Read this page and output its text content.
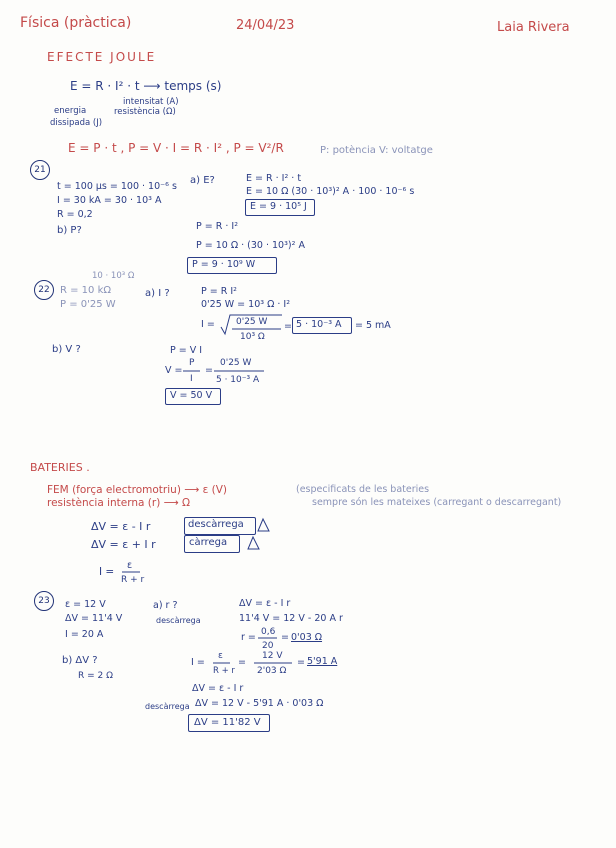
Física (pràctica)	24/04/23	Laia Rivera
EFECTE JOULE
E = R · I² · t ⟶ temps (s)
intensitat (A)
resistència (Ω)
energia
dissipada (J)
E = P · t , P = V · I = R · I² , P = V²/R	P: potència V: voltatge
21
t = 100 µs = 100 · 10⁻⁶ s
I = 30 kA = 30 · 10³ A
R = 0,2
a) E?	E = R · I² · t
E = 10 Ω (30 · 10³)² A · 100 · 10⁻⁶ s
E = 9 · 10⁵ J
b) P?	P = R · I²
P = 10 Ω · (30 · 10³)² A
P = 9 · 10⁹ W
22
10 · 10³ Ω
R = 10 kΩ
P = 0'25 W
a) I ?	P = R I²
0'25 W = 10³ Ω · I²
I = 0'25 W
10³ Ω
= 5 · 10⁻³ A = 5 mA
b) V ?	P = V I
V =
P
I
=
0'25 W
5 · 10⁻³ A
V = 50 V
BATERIES .
FEM (força electromotriu) ⟶ ε (V)
resistència interna (r) ⟶ Ω
(especificats de les bateries
sempre són les mateixes (carregant o descarregant)
ΔV = ε - I r	descàrrega
ΔV = ε + I r	càrrega
I =
ε
R + r
23 ε = 12 V
ΔV = 11'4 V
I = 20 A
a) r ?
descàrrega
ΔV = ε - I r
11'4 V = 12 V - 20 A r
r = 0,6
20
= 0'03 Ω
b) ΔV ?
R = 2 Ω
I =
ε
R + r
=
12 V
2'03 Ω
= 5'91 A
ΔV = ε - I r
descàrrega ΔV = 12 V - 5'91 A · 0'03 Ω
ΔV = 11'82 V
